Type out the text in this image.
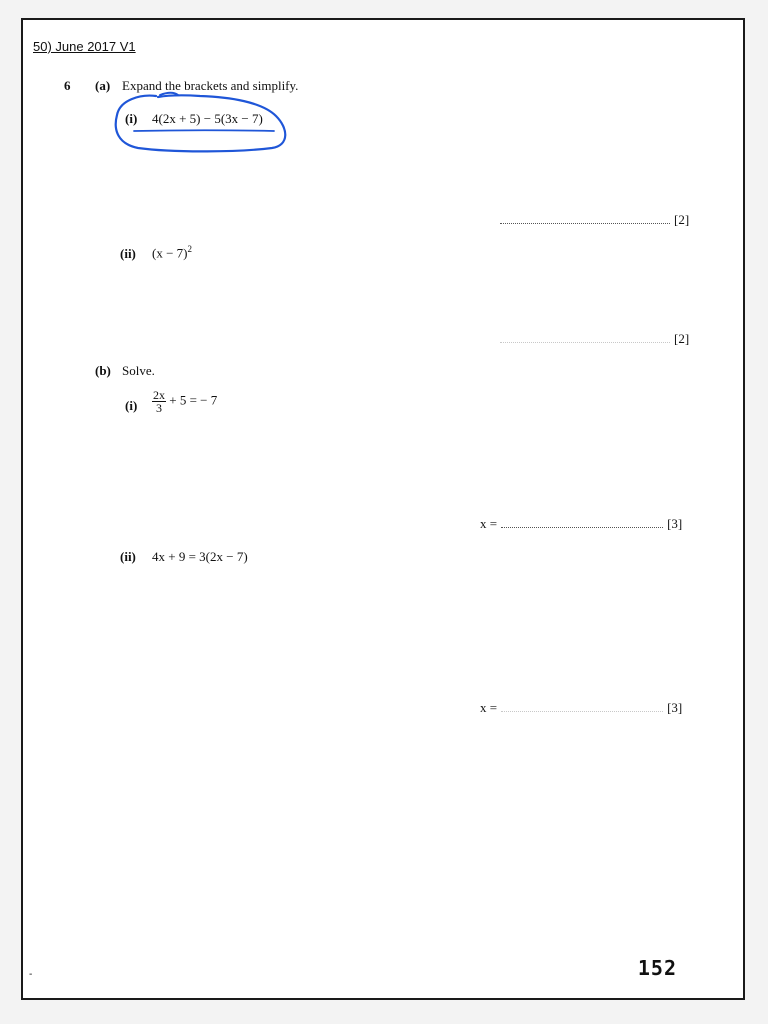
50) June 2017 V1
6 (a) Expand the brackets and simplify.
(i) 4(2x + 5) − 5(3x − 7)
[2]
(ii) $(x - 7)^2$
[2]
(b) Solve.
$(i) \frac{2x}{3} + 5$ = − 7
x =	[3]
(ii) 4x + 9 = 3(2x − 7)
x =	[3]
-	152
